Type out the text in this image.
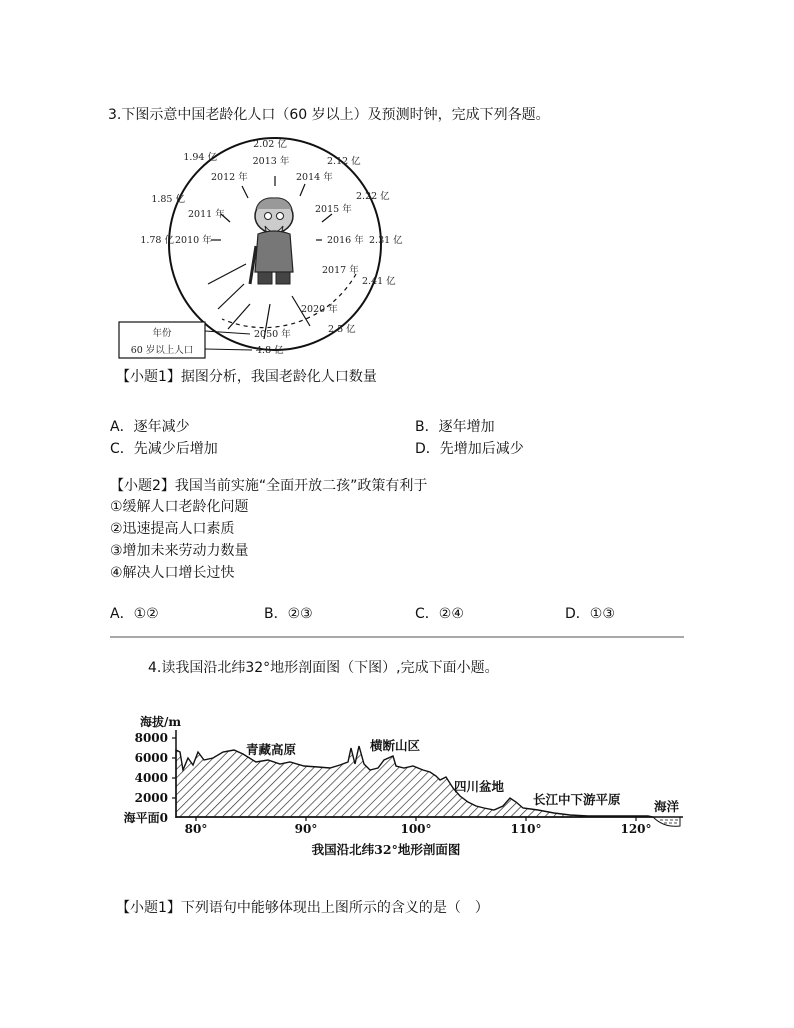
3.下图示意中国老龄化人口（60 岁以上）及预测时钟，完成下列各题。
1.78 亿 2010 年
1.85 亿
2011 年
1.94 亿
2012 年
2.02 亿
2013 年	2.12 亿
2014 年
2.22 亿
2015 年
2.31 亿
2016 年
2.41 亿
2017 年
2.5 亿
2020 年
4.8 亿
2050 年
年份
60 岁以上人口
【小题1】据图分析，我国老龄化人口数量
A．逐年减少	B．逐年增加
C．先减少后增加	D．先增加后减少
【小题2】我国当前实施“全面开放二孩”政策有利于
①缓解人口老龄化问题
②迅速提高人口素质
③增加未来劳动力数量
④解决人口增长过快
A．①②	B．②③	C．②④	D．①③
4.读我国沿北纬32°地形剖面图（下图）,完成下面小题。
海拔/m
8000
6000
4000
2000
海平面0
80°	90°	100°	110°	120°
青藏高原	横断山区
四川盆地
长江中下游平原	海洋
我国沿北纬32°地形剖面图
【小题1】下列语句中能够体现出上图所示的含义的是（　）
